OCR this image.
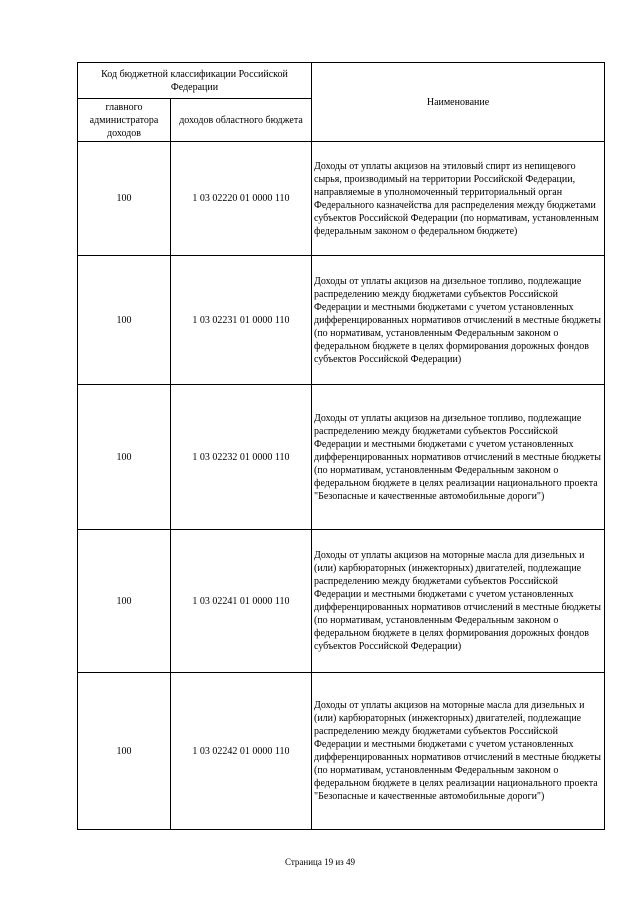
Код бюджетной классификации Российской Федерации		Наименование
главного администратора доходов	доходов областного бюджета	
100	1 03 02220 01 0000 110	Доходы от уплаты акцизов на этиловый спирт из непищевого сырья, производимый на территории Российской Федерации, направляемые в уполномоченный территориальный орган Федерального казначейства для распределения между бюджетами субъектов Российской Федерации (по нормативам, установленным федеральным законом о федеральном бюджете)
100	1 03 02231 01 0000 110	Доходы от уплаты акцизов на дизельное топливо, подлежащие распределению между бюджетами субъектов Российской Федерации и местными бюджетами с учетом установленных дифференцированных нормативов отчислений в местные бюджеты (по нормативам, установленным Федеральным законом о федеральном бюджете в целях формирования дорожных фондов субъектов Российской Федерации)
100	1 03 02232 01 0000 110	Доходы от уплаты акцизов на дизельное топливо, подлежащие распределению между бюджетами субъектов Российской Федерации и местными бюджетами с учетом установленных дифференцированных нормативов отчислений в местные бюджеты (по нормативам, установленным Федеральным законом о федеральном бюджете в целях реализации национального проекта "Безопасные и качественные автомобильные дороги")
100	1 03 02241 01 0000 110	Доходы от уплаты акцизов на моторные масла для дизельных и (или) карбюраторных (инжекторных) двигателей, подлежащие распределению между бюджетами субъектов Российской Федерации и местными бюджетами с учетом установленных дифференцированных нормативов отчислений в местные бюджеты (по нормативам, установленным Федеральным законом о федеральном бюджете в целях формирования дорожных фондов субъектов Российской Федерации)
100	1 03 02242 01 0000 110	Доходы от уплаты акцизов на моторные масла для дизельных и (или) карбюраторных (инжекторных) двигателей, подлежащие распределению между бюджетами субъектов Российской Федерации и местными бюджетами с учетом установленных дифференцированных нормативов отчислений в местные бюджеты (по нормативам, установленным Федеральным законом о федеральном бюджете в целях реализации национального проекта "Безопасные и качественные автомобильные дороги")
Страница 19 из 49
